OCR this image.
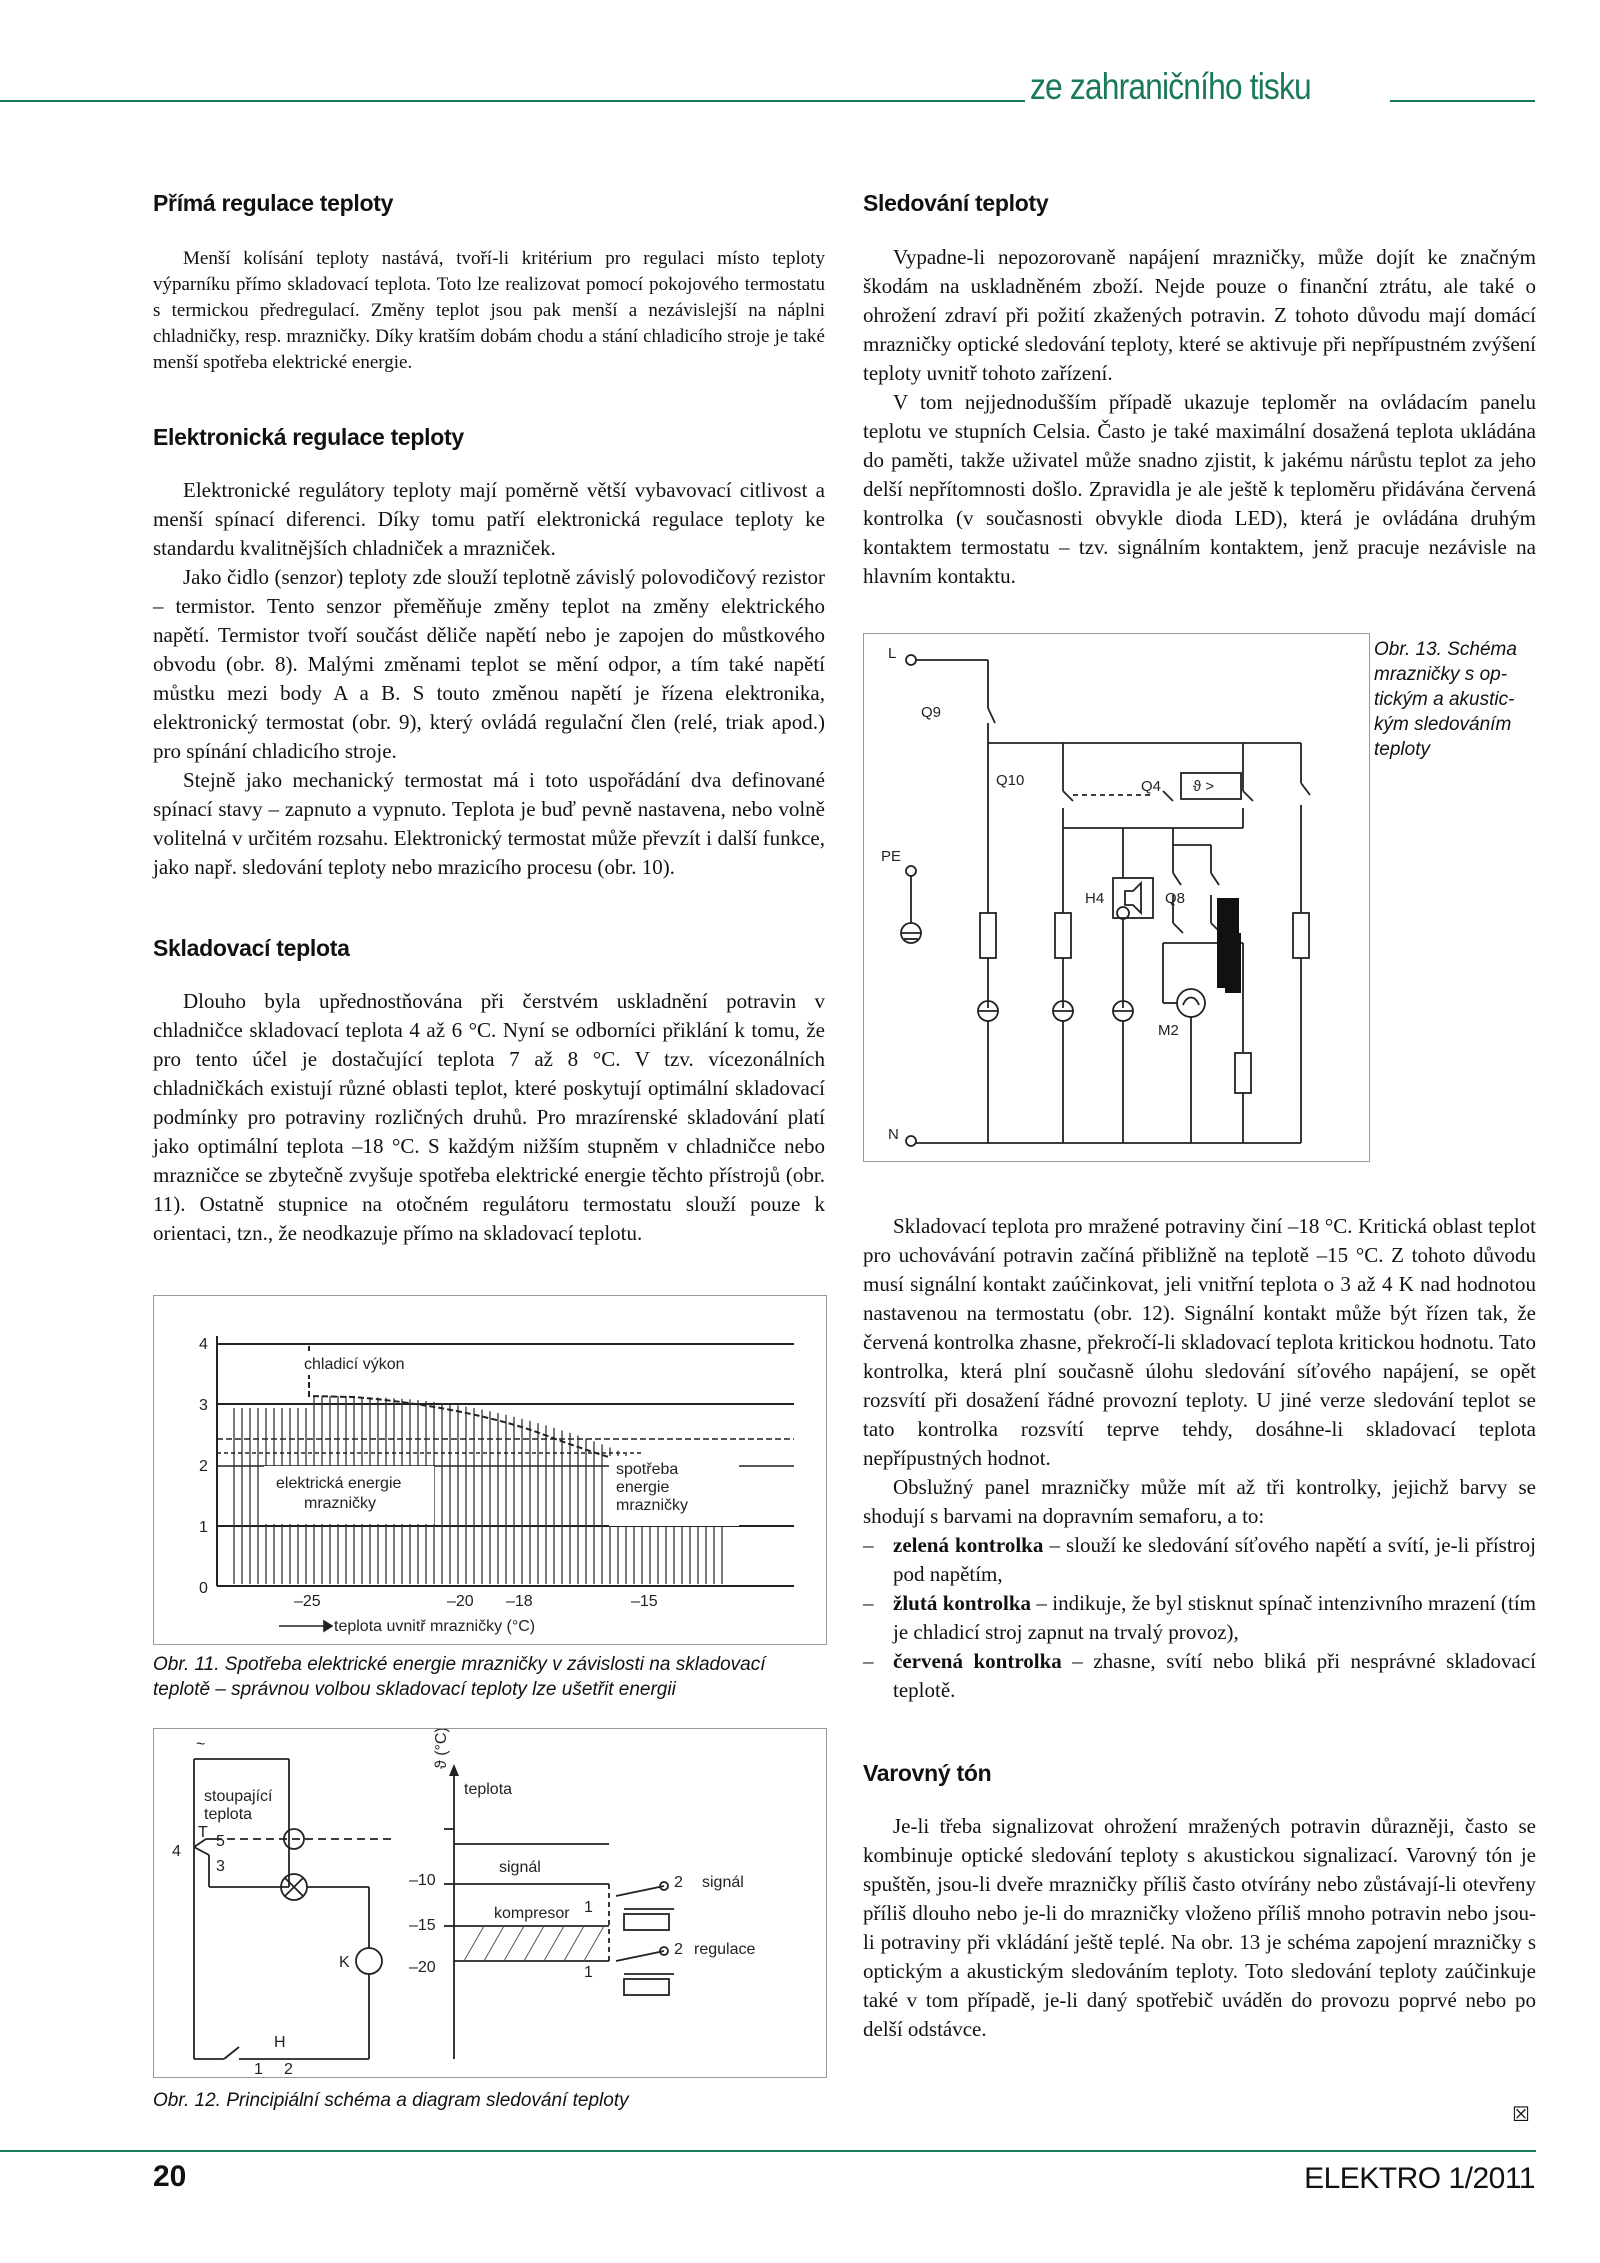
ze zahraničního tisku
Přímá regulace teploty

Menší kolísání teploty nastává, tvoří-li kritérium pro regulaci místo teploty výparníku přímo skladovací teplota. Toto lze realizovat pomocí pokojového termostatu s termickou předregulací. Změny teplot jsou pak menší a nezávislejší na náplni chladničky, resp. mrazničky. Díky kratším dobám chodu a stání chladicího stroje je také menší spotřeba elektrické energie.

Elektronická regulace teploty

Elektronické regulátory teploty mají poměrně větší vybavovací citlivost a menší spínací diferenci. Díky tomu patří elektronická regulace teploty ke standardu kvalitnějších chladniček a mrazniček.

Jako čidlo (senzor) teploty zde slouží teplotně závislý polovodičový rezistor – termistor. Tento senzor přeměňuje změny teplot na změny elektrického napětí. Termistor tvoří součást děliče napětí nebo je zapojen do můstkového obvodu (obr. 8). Malými změnami teplot se mění odpor, a tím také napětí můstku mezi body A a B. S touto změnou napětí je řízena elektronika, elektronický termostat (obr. 9), který ovládá regulační člen (relé, triak apod.) pro spínání chladicího stroje.

Stejně jako mechanický termostat má i toto uspořádání dva definované spínací stavy – zapnuto a vypnuto. Teplota je buď pevně nastavena, nebo volně volitelná v určitém rozsahu. Elektronický termostat může převzít i další funkce, jako např. sledování teploty nebo mrazicího procesu (obr. 10).

Skladovací teplota

Dlouho byla upřednostňována při čerstvém uskladnění potravin v chladničce skladovací teplota 4 až 6 °C. Nyní se odborníci přiklání k tomu, že pro tento účel je dostačující teplota 7 až 8 °C. V tzv. vícezonálních chladničkách existují různé oblasti teplot, které poskytují optimální skladovací podmínky pro potraviny rozličných druhů. Pro mrazírenské skladování platí jako optimální teplota –18 °C. S každým nižším stupněm v chladničce nebo mrazničce se zbytečně zvyšuje spotřeba elektrické energie těchto přístrojů (obr. 11). Ostatně stupnice na otočném regulátoru termostatu slouží pouze k orientaci, tzn., že neodkazuje přímo na skladovací teplotu.

4
3
2
1
0
–25	–20 –18	–15
chladicí výkon
elektrická energie
mrazničky
spotřeba
energie
mrazničky
teplota uvnitř mrazničky (°C)
Obr. 11. Spotřeba elektrické energie mrazničky v závislosti na skladovací teplotě – správnou volbou skladovací teploty lze ušetřit energii
~
stoupající
teplota
T
4
5
3
K
H
1 2
ϑ (°C)
teplota
–10
–15
–20
signál
kompresor 1
2 signál
1
2 regulace
Obr. 12. Principiální schéma a diagram sledování teploty
Sledování teploty

Vypadne-li nepozorovaně napájení mrazničky, může dojít ke značným škodám na uskladněném zboží. Nejde pouze o finanční ztrátu, ale také o ohrožení zdraví při požití zkažených potravin. Z tohoto důvodu mají domácí mrazničky optické sledování teploty, které se aktivuje při nepřípustném zvýšení teploty uvnitř tohoto zařízení.

V tom nejjednodušším případě ukazuje teploměr na ovládacím panelu teplotu ve stupních Celsia. Často je také maximální dosažená teplota ukládána do paměti, takže uživatel může snadno zjistit, k jakému nárůstu teplot za jeho delší nepřítomnosti došlo. Zpravidla je ale ještě k teploměru přidávána červená kontrolka (v současnosti obvykle dioda LED), která je ovládána druhým kontaktem termostatu – tzv. signálním kontaktem, jenž pracuje nezávisle na hlavním kontaktu.

L
Q9
Q10	Q4 ϑ >
PE
H4	Q8
M2
N
Obr. 13. Schéma
mrazničky s op-
tickým a akustic-
kým sledováním
teploty

Skladovací teplota pro mražené potraviny činí –18 °C. Kritická oblast teplot pro uchovávání potravin začíná přibližně na teplotě –15 °C. Z tohoto důvodu musí signální kontakt zaúčinkovat, jeli vnitřní teplota o 3 až 4 K nad hodnotou nastavenou na termostatu (obr. 12). Signální kontakt může být řízen tak, že červená kontrolka zhasne, překročí-li skladovací teplota kritickou hodnotu. Tato kontrolka, která plní současně úlohu sledování síťového napájení, se opět rozsvítí při dosažení řádné provozní teploty. U jiné verze sledování teplot se tato kontrolka rozsvítí teprve tehdy, dosáhne-li skladovací teplota nepřípustných hodnot.

Obslužný panel mrazničky může mít až tři kontrolky, jejichž barvy se shodují s barvami na dopravním semaforu, a to:

– zelená kontrolka – slouží ke sledování síťového napětí a svítí, je-li přístroj pod napětím,
– žlutá kontrolka – indikuje, že byl stisknut spínač intenzivního mrazení (tím je chladicí stroj zapnut na trvalý provoz),
– červená kontrolka – zhasne, svítí nebo bliká při nesprávné skladovací teplotě.
Varovný tón

Je-li třeba signalizovat ohrožení mražených potravin důrazněji, často se kombinuje optické sledování teploty s akustickou signalizací. Varovný tón je spuštěn, jsou-li dveře mrazničky příliš často otvírány nebo zůstávají-li otevřeny příliš dlouho nebo je-li do mrazničky vloženo příliš mnoho potravin nebo jsou-li potraviny při vkládání ještě teplé. Na obr. 13 je schéma zapojení mrazničky s optickým a akustickým sledováním teploty. Toto sledování teploty zaúčinkuje také v tom případě, je-li daný spotřebič uváděn do provozu poprvé nebo po delší odstávce.

☒
20	ELEKTRO 1/2011
